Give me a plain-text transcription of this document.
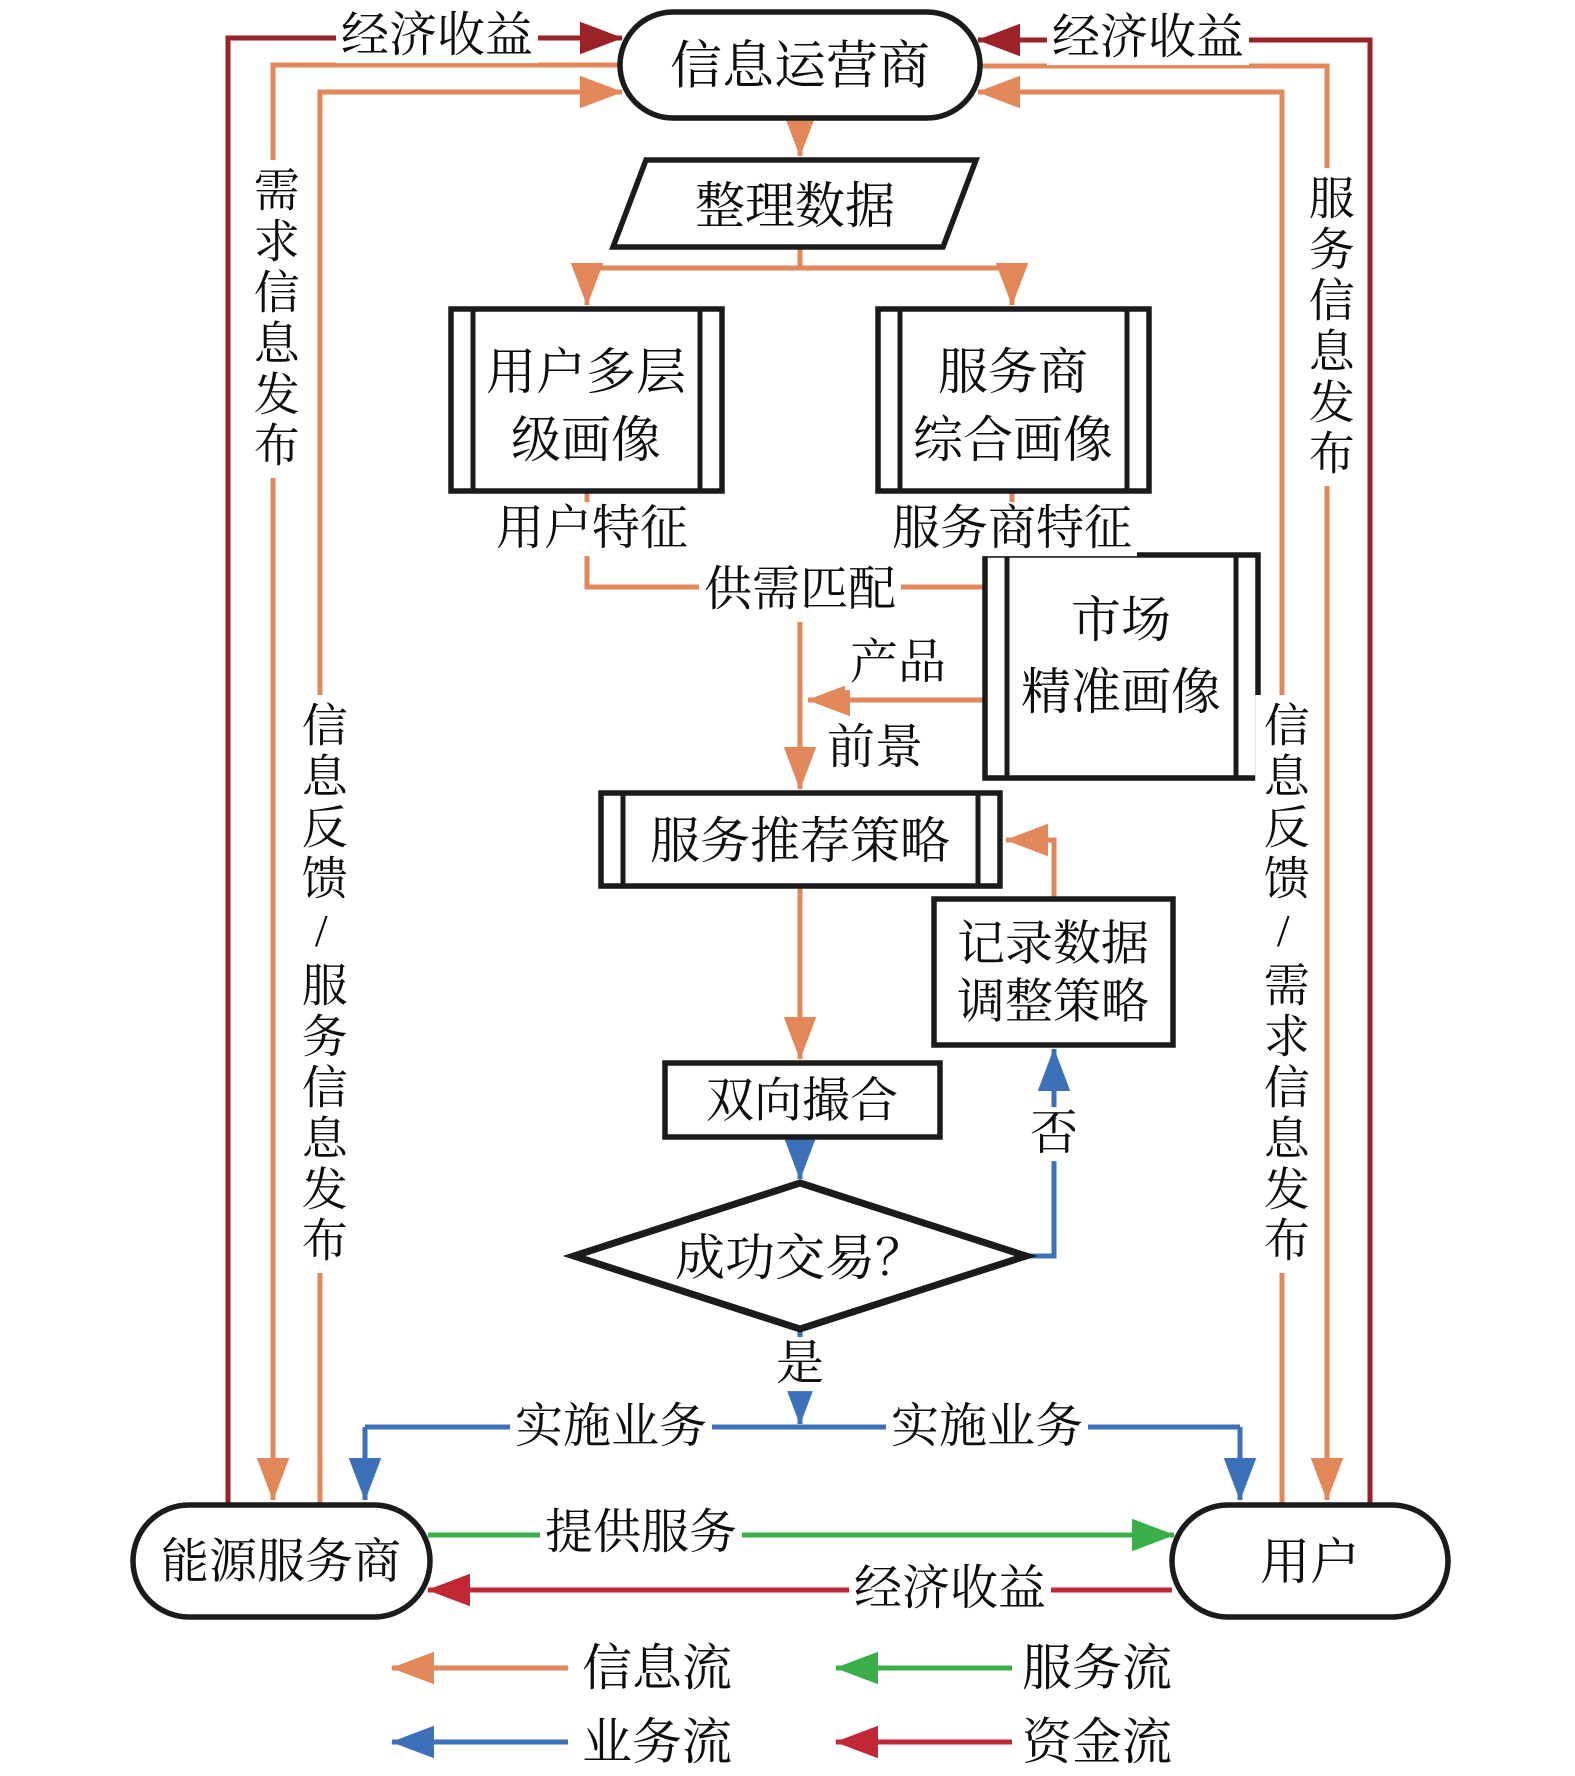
信息运营商
整理数据
用户多层
级画像
服务商
综合画像
市场
精准画像
服务推荐策略
记录数据
调整策略
双向撮合
成功交易？
能源服务商	用户
信息流	服务流
业务流	资金流
经济收益	经济收益
用户特征	服务商特征
供需匹配
产品
前景
否
是
实施业务	实施业务
提供服务
经济收益
需求信息发布
信息反馈/服务信息发布
服务信息发布
信息反馈/需求信息发布
